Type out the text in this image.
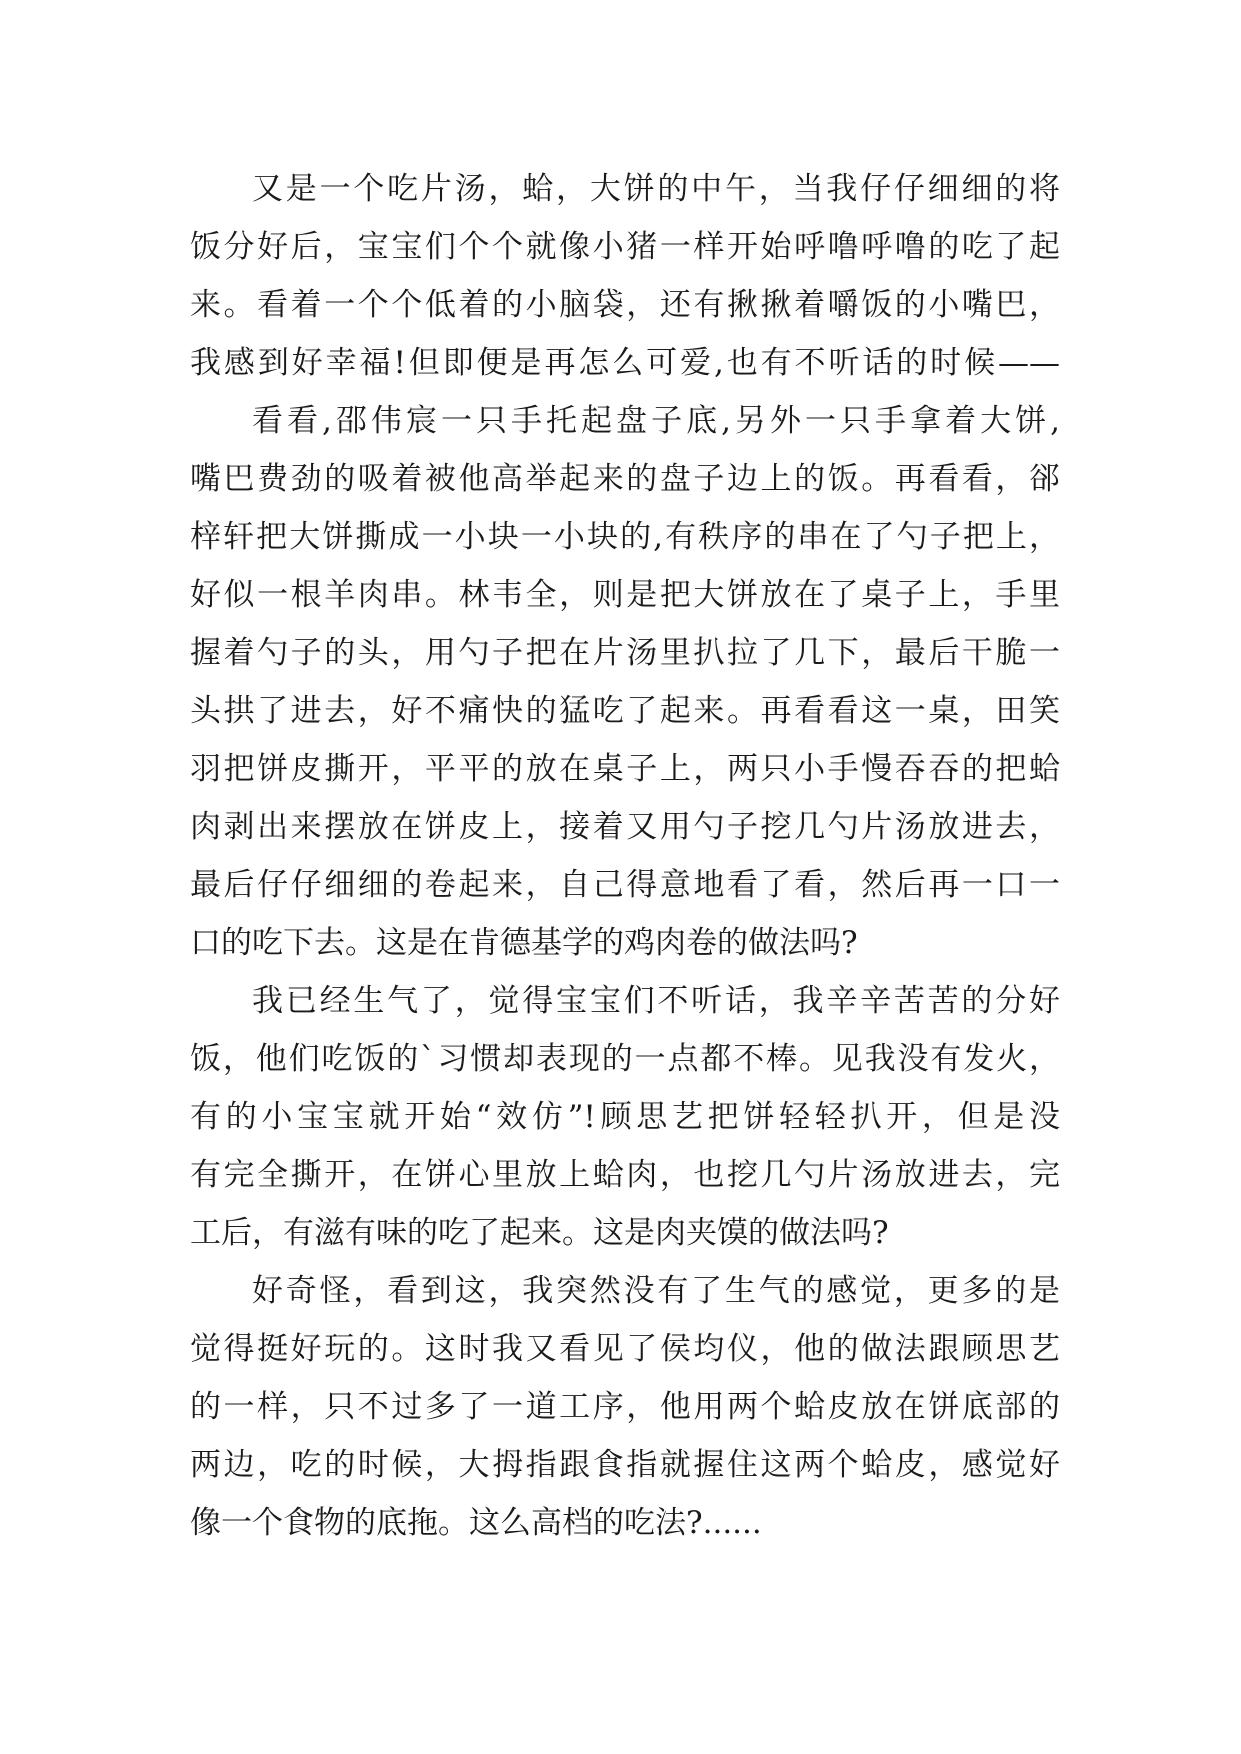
又是一个吃片汤，蛤，大饼的中午，当我仔仔细细的将
饭分好后，宝宝们个个就像小猪一样开始呼噜呼噜的吃了起
来。看着一个个低着的小脑袋，还有揪揪着嚼饭的小嘴巴，
我感到好幸福!但即便是再怎么可爱,也有不听话的时候——
看看,邵伟宸一只手托起盘子底,另外一只手拿着大饼,
嘴巴费劲的吸着被他高举起来的盘子边上的饭。再看看，郤
梓轩把大饼撕成一小块一小块的,有秩序的串在了勺子把上，
好似一根羊肉串。林韦全，则是把大饼放在了桌子上，手里
握着勺子的头，用勺子把在片汤里扒拉了几下，最后干脆一
头拱了进去，好不痛快的猛吃了起来。再看看这一桌，田笑
羽把饼皮撕开，平平的放在桌子上，两只小手慢吞吞的把蛤
肉剥出来摆放在饼皮上，接着又用勺子挖几勺片汤放进去，
最后仔仔细细的卷起来，自己得意地看了看，然后再一口一
口的吃下去。这是在肯德基学的鸡肉卷的做法吗?
我已经生气了，觉得宝宝们不听话，我辛辛苦苦的分好
饭，他们吃饭的`习惯却表现的一点都不棒。见我没有发火，
有的小宝宝就开始“效仿”!顾思艺把饼轻轻扒开，但是没
有完全撕开，在饼心里放上蛤肉，也挖几勺片汤放进去，完
工后，有滋有味的吃了起来。这是肉夹馍的做法吗?
好奇怪，看到这，我突然没有了生气的感觉，更多的是
觉得挺好玩的。这时我又看见了侯均仪，他的做法跟顾思艺
的一样，只不过多了一道工序，他用两个蛤皮放在饼底部的
两边，吃的时候，大拇指跟食指就握住这两个蛤皮，感觉好
像一个食物的底拖。这么高档的吃法?......
